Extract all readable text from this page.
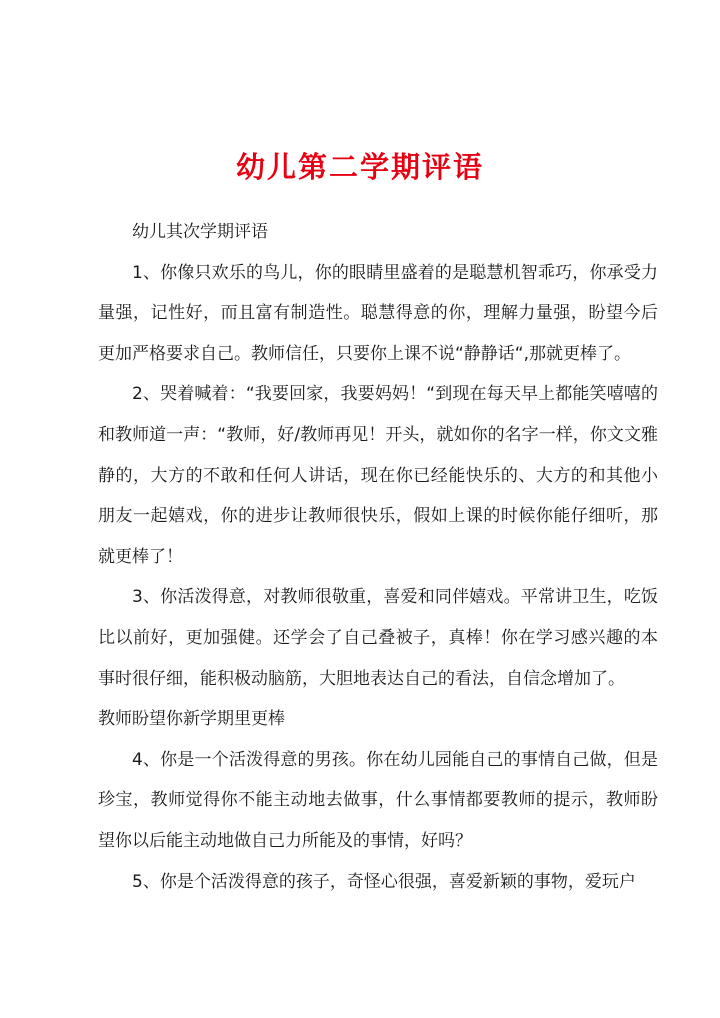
幼儿第二学期评语

幼儿其次学期评语

1、你像只欢乐的鸟儿，你的眼睛里盛着的是聪慧机智乖巧，你承受力量强，记性好，而且富有制造性。聪慧得意的你，理解力量强，盼望今后更加严格要求自己。教师信任，只要你上课不说“静静话“,那就更棒了。

2、哭着喊着：“我要回家，我要妈妈！“到现在每天早上都能笑嘻嘻的和教师道一声：“教师，好/教师再见！开头，就如你的名字一样，你文文雅静的，大方的不敢和任何人讲话，现在你已经能快乐的、大方的和其他小朋友一起嬉戏，你的进步让教师很快乐，假如上课的时候你能仔细听，那就更棒了！

3、你活泼得意，对教师很敬重，喜爱和同伴嬉戏。平常讲卫生，吃饭比以前好，更加强健。还学会了自己叠被子，真棒！你在学习感兴趣的本事时很仔细，能积极动脑筋，大胆地表达自己的看法，自信念增加了。

教师盼望你新学期里更棒

4、你是一个活泼得意的男孩。你在幼儿园能自己的事情自己做，但是珍宝，教师觉得你不能主动地去做事，什么事情都要教师的提示，教师盼望你以后能主动地做自己力所能及的事情，好吗？

5、你是个活泼得意的孩子，奇怪心很强，喜爱新颖的事物，爱玩户
